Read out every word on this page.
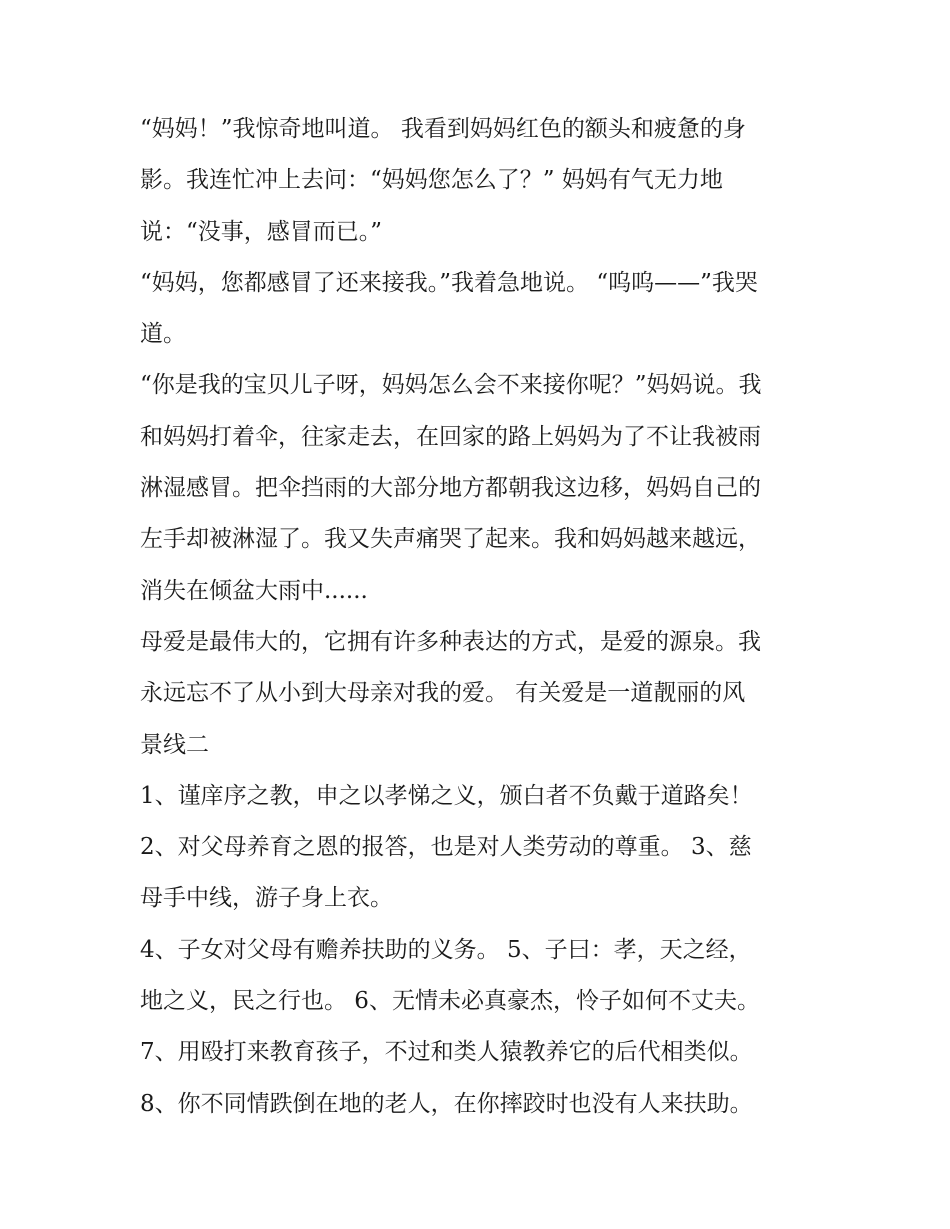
“妈妈！”我惊奇地叫道。 我看到妈妈红色的额头和疲惫的身
影。我连忙冲上去问：“妈妈您怎么了？” 妈妈有气无力地
说：“没事，感冒而已。”
“妈妈，您都感冒了还来接我。”我着急地说。 “呜呜——”我哭
道。
“你是我的宝贝儿子呀，妈妈怎么会不来接你呢？”妈妈说。我
和妈妈打着伞，往家走去，在回家的路上妈妈为了不让我被雨
淋湿感冒。把伞挡雨的大部分地方都朝我这边移，妈妈自己的
左手却被淋湿了。我又失声痛哭了起来。我和妈妈越来越远，
消失在倾盆大雨中......
母爱是最伟大的，它拥有许多种表达的方式，是爱的源泉。我
永远忘不了从小到大母亲对我的爱。 有关爱是一道靓丽的风
景线二
1、谨庠序之教，申之以孝悌之义，颁白者不负戴于道路矣！
2、对父母养育之恩的报答，也是对人类劳动的尊重。 3、慈
母手中线，游子身上衣。
4、子女对父母有赡养扶助的义务。 5、子曰：孝，天之经，
地之义，民之行也。 6、无情未必真豪杰，怜子如何不丈夫。
7、用殴打来教育孩子，不过和类人猿教养它的后代相类似。
8、你不同情跌倒在地的老人，在你摔跤时也没有人来扶助。
